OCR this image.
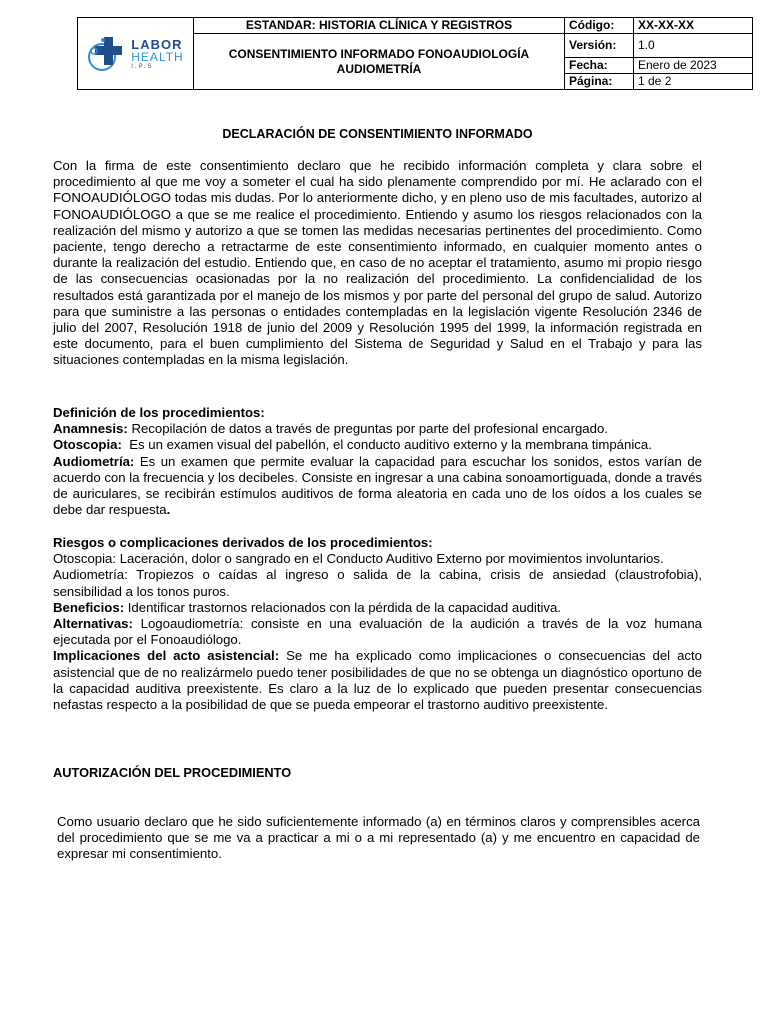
LABOR
HEALTH
I.P.S	ESTANDAR: HISTORIA CLÍNICA Y REGISTROS	Código:	XX-XX-XX
	CONSENTIMIENTO INFORMADO FONOAUDIOLOGÍA AUDIOMETRÍA	Versión:	1.0
		Fecha:	Enero de 2023
		Página:	1 de 2
DECLARACIÓN DE CONSENTIMIENTO INFORMADO

Con la firma de este consentimiento declaro que he recibido información completa y clara sobre el procedimiento al que me voy a someter el cual ha sido plenamente comprendido por mí. He aclarado con el FONOAUDIÓLOGO todas mis dudas. Por lo anteriormente dicho, y en pleno uso de mis facultades, autorizo al FONOAUDIÓLOGO a que se me realice el procedimiento. Entiendo y asumo los riesgos relacionados con la realización del mismo y autorizo a que se tomen las medidas necesarias pertinentes del procedimiento. Como paciente, tengo derecho a retractarme de este consentimiento informado, en cualquier momento antes o durante la realización del estudio. Entiendo que, en caso de no aceptar el tratamiento, asumo mi propio riesgo de las consecuencias ocasionadas por la no realización del procedimiento. La confidencialidad de los resultados está garantizada por el manejo de los mismos y por parte del personal del grupo de salud. Autorizo para que suministre a las personas o entidades contempladas en la legislación vigente Resolución 2346 de julio del 2007, Resolución 1918 de junio del 2009 y Resolución 1995 del 1999, la información registrada en este documento, para el buen cumplimiento del Sistema de Seguridad y Salud en el Trabajo y para las situaciones contempladas en la misma legislación.

Definición de los procedimientos:

Anamnesis: Recopilación de datos a través de preguntas por parte del profesional encargado.

Otoscopia: Es un examen visual del pabellón, el conducto auditivo externo y la membrana timpánica.

Audiometría: Es un examen que permite evaluar la capacidad para escuchar los sonidos, estos varían de acuerdo con la frecuencia y los decibeles. Consiste en ingresar a una cabina sonoamortiguada, donde a través de auriculares, se recibirán estímulos auditivos de forma aleatoria en cada uno de los oídos a los cuales se debe dar respuesta.

Riesgos o complicaciones derivados de los procedimientos:

Otoscopia: Laceración, dolor o sangrado en el Conducto Auditivo Externo por movimientos involuntarios.

Audiometría: Tropiezos o caídas al ingreso o salida de la cabina, crisis de ansiedad (claustrofobia), sensibilidad a los tonos puros.

Beneficios: Identificar trastornos relacionados con la pérdida de la capacidad auditiva.

Alternativas: Logoaudiometría: consiste en una evaluación de la audición a través de la voz humana ejecutada por el Fonoaudiólogo.

Implicaciones del acto asistencial: Se me ha explicado como implicaciones o consecuencias del acto asistencial que de no realizármelo puedo tener posibilidades de que no se obtenga un diagnóstico oportuno de la capacidad auditiva preexistente. Es claro a la luz de lo explicado que pueden presentar consecuencias nefastas respecto a la posibilidad de que se pueda empeorar el trastorno auditivo preexistente.

AUTORIZACIÓN DEL PROCEDIMIENTO

Como usuario declaro que he sido suficientemente informado (a) en términos claros y comprensibles acerca del procedimiento que se me va a practicar a mi o a mi representado (a) y me encuentro en capacidad de expresar mi consentimiento.
